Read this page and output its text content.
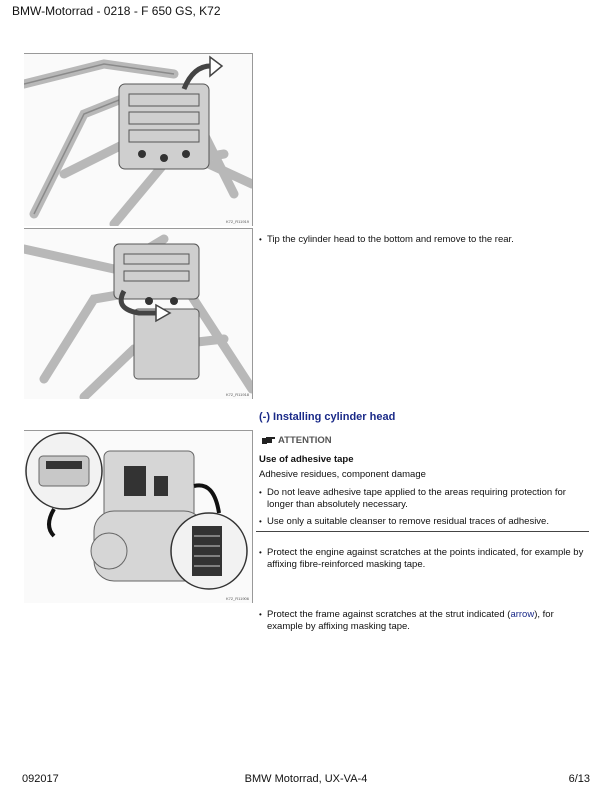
BMW-Motorrad - 0218 - F 650 GS, K72
K72_R11919
K72_R11918
K72_R11906
• Tip the cylinder head to the bottom and remove to the rear.
(-) Installing cylinder head
ATTENTION
Use of adhesive tape
Adhesive residues, component damage
• Do not leave adhesive tape applied to the areas requiring protection for longer than absolutely necessary.
• Use only a suitable cleanser to remove residual traces of adhesive.
• Protect the engine against scratches at the points indicated, for example by affixing fibre-reinforced masking tape.
• Protect the frame against scratches at the strut indicated (arrow), for example by affixing masking tape.
092017	BMW Motorrad, UX-VA-4	6/13
